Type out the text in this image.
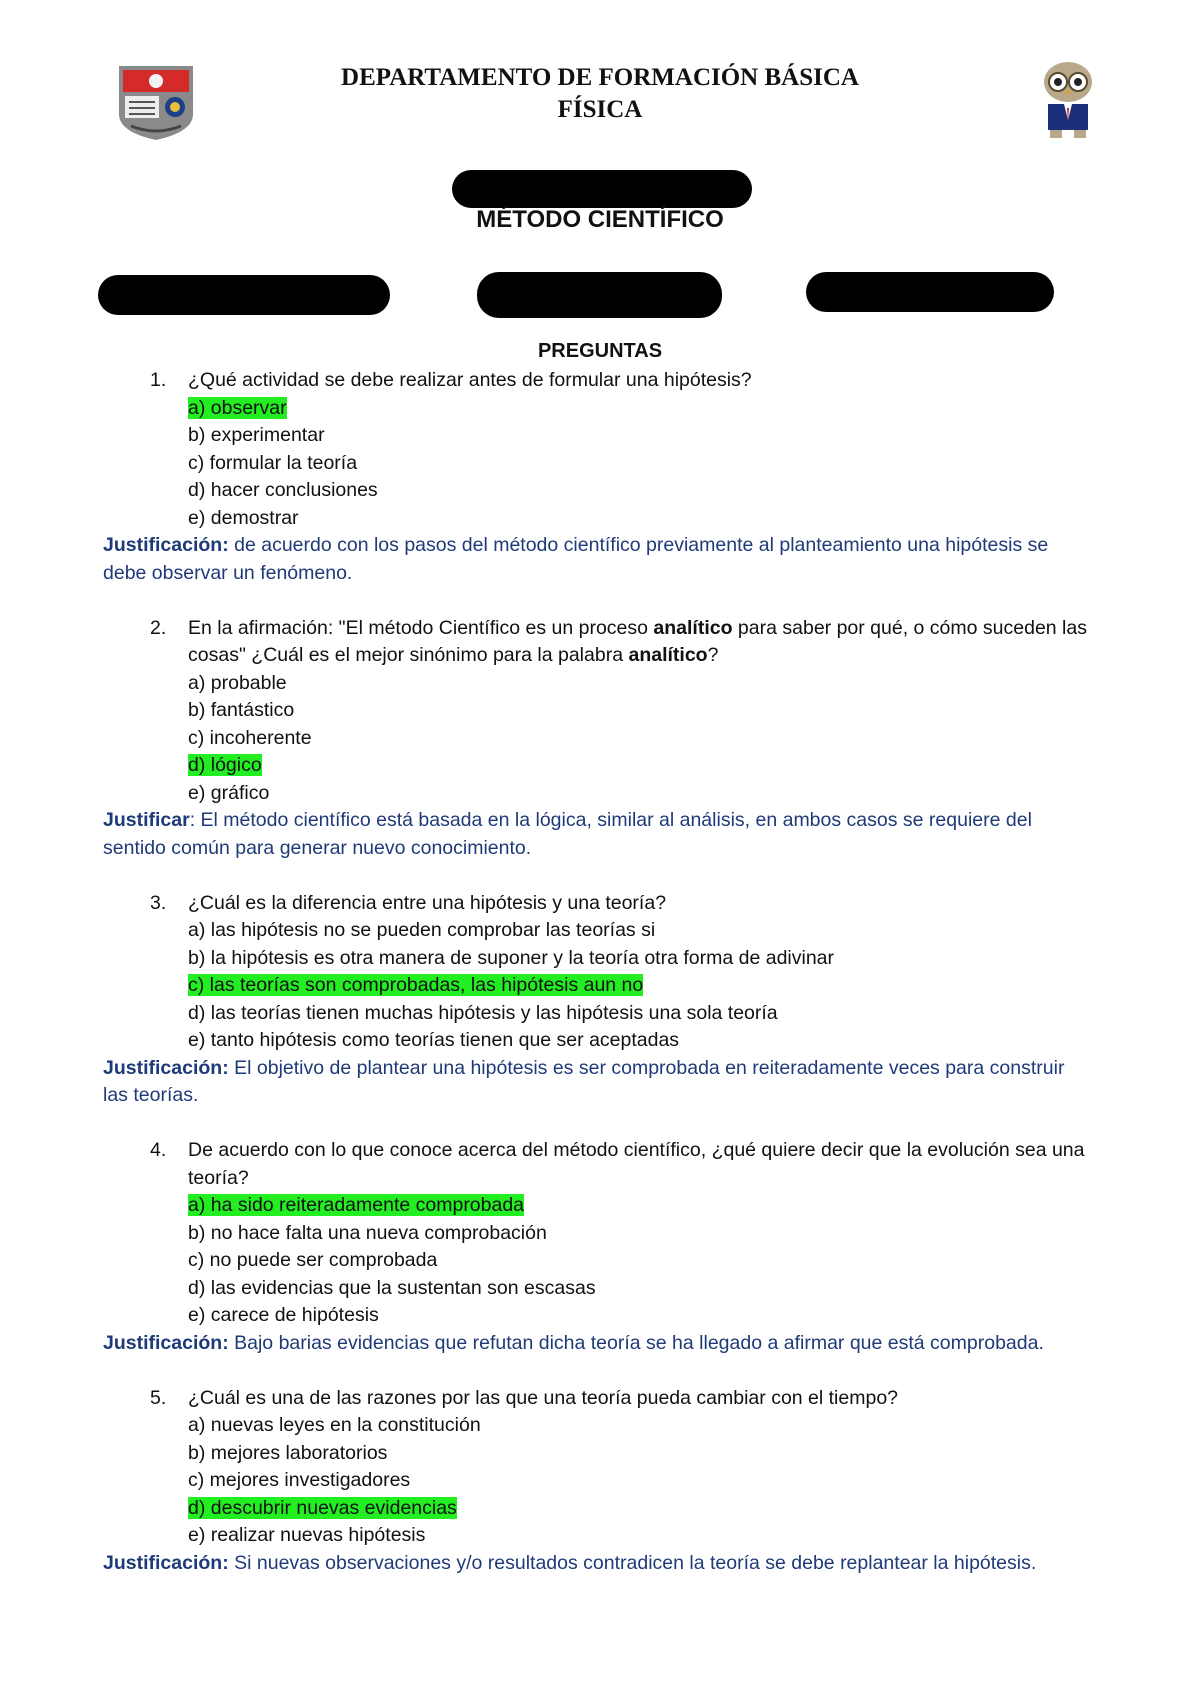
DEPARTAMENTO DE FORMACIÓN BÁSICA
FÍSICA
MÉTODO CIENTÍFICO
PREGUNTAS
1. ¿Qué actividad se debe realizar antes de formular una hipótesis?
a) observar
b) experimentar
c) formular la teoría
d) hacer conclusiones
e) demostrar
Justificación: de acuerdo con los pasos del método científico previamente al planteamiento una hipótesis se debe observar un fenómeno.
2. En la afirmación: "El método Científico es un proceso analítico para saber por qué, o cómo suceden las cosas" ¿Cuál es el mejor sinónimo para la palabra analítico?
a) probable
b) fantástico
c) incoherente
d) lógico
e) gráfico
Justificar: El método científico está basada en la lógica, similar al análisis, en ambos casos se requiere del sentido común para generar nuevo conocimiento.
3. ¿Cuál es la diferencia entre una hipótesis y una teoría?
a) las hipótesis no se pueden comprobar las teorías si
b) la hipótesis es otra manera de suponer y la teoría otra forma de adivinar
c) las teorías son comprobadas, las hipótesis aun no
d) las teorías tienen muchas hipótesis y las hipótesis una sola teoría
e) tanto hipótesis como teorías tienen que ser aceptadas
Justificación: El objetivo de plantear una hipótesis es ser comprobada en reiteradamente veces para construir las teorías.
4. De acuerdo con lo que conoce acerca del método científico, ¿qué quiere decir que la evolución sea una teoría?
a) ha sido reiteradamente comprobada
b) no hace falta una nueva comprobación
c) no puede ser comprobada
d) las evidencias que la sustentan son escasas
e) carece de hipótesis
Justificación: Bajo barias evidencias que refutan dicha teoría se ha llegado a afirmar que está comprobada.
5. ¿Cuál es una de las razones por las que una teoría pueda cambiar con el tiempo?
a) nuevas leyes en la constitución
b) mejores laboratorios
c) mejores investigadores
d) descubrir nuevas evidencias
e) realizar nuevas hipótesis
Justificación: Si nuevas observaciones y/o resultados contradicen la teoría se debe replantear la hipótesis.
